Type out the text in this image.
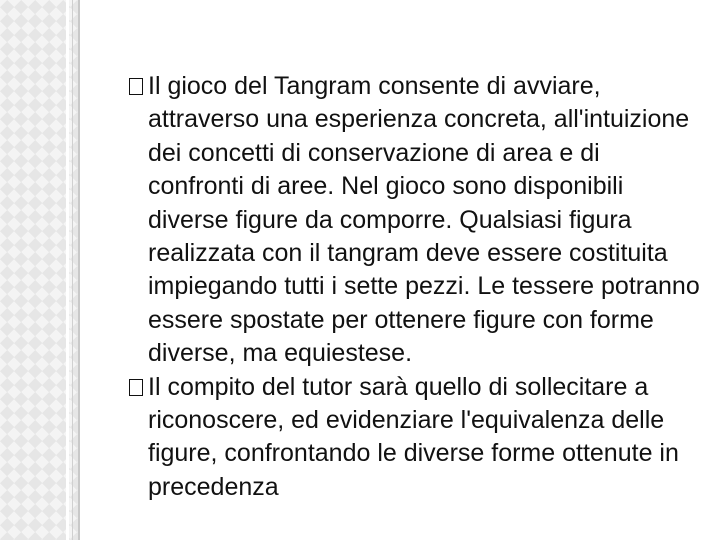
Il gioco del Tangram consente di avviare, attraverso una esperienza concreta, all'intuizione dei concetti di conservazione di area e di confronti di aree. Nel gioco sono disponibili diverse figure da comporre. Qualsiasi figura realizzata con il tangram deve essere costituita impiegando tutti i sette pezzi. Le tessere potranno essere spostate per ottenere figure con forme diverse, ma equiestese.

Il compito del tutor sarà quello di sollecitare a riconoscere, ed evidenziare l'equivalenza delle figure, confrontando le diverse forme ottenute in precedenza
